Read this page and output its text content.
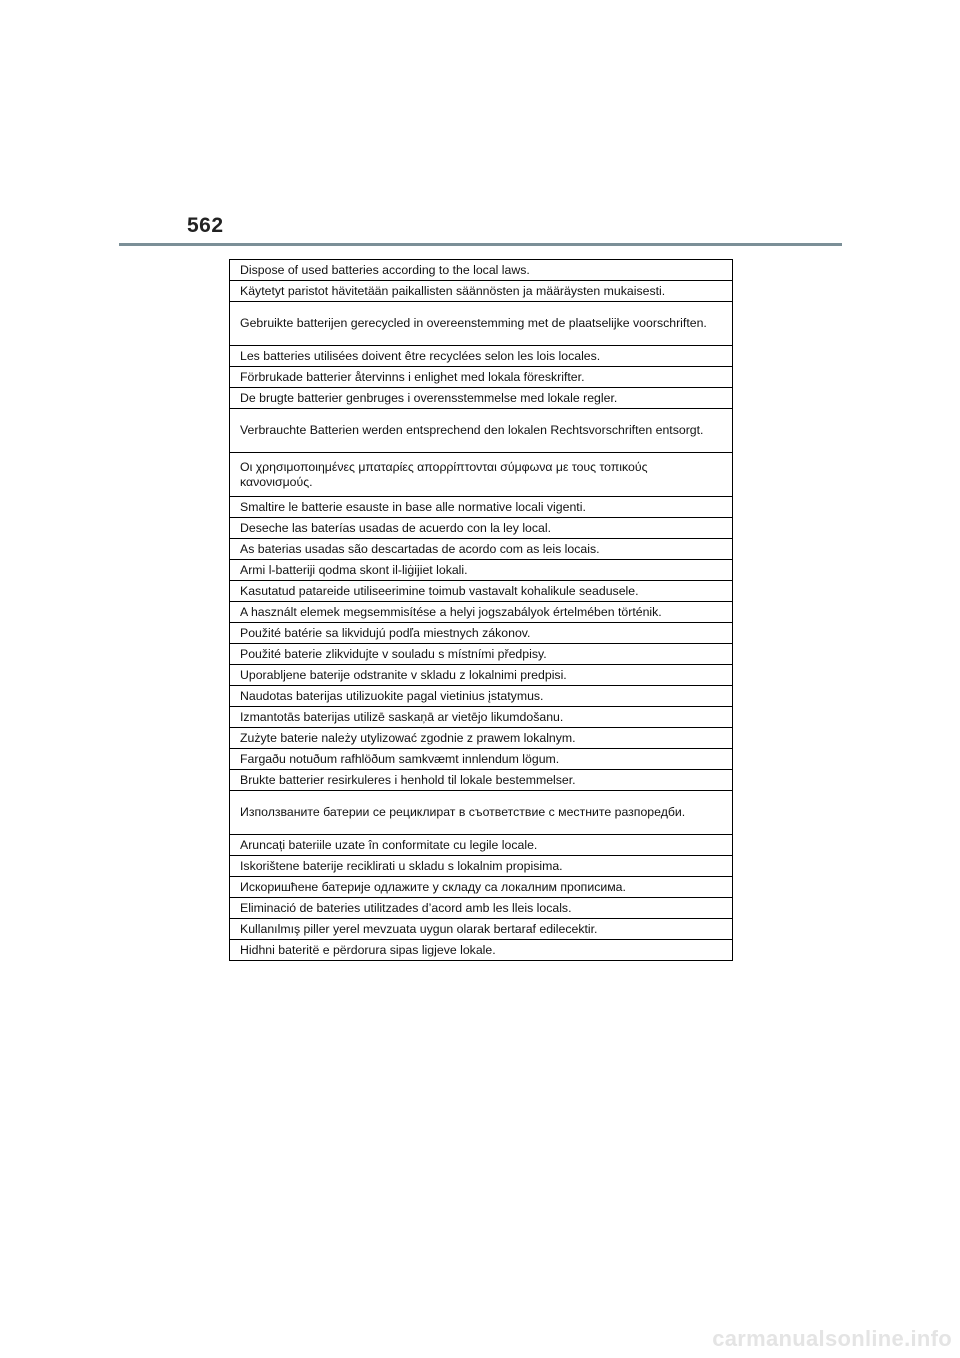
562
Dispose of used batteries according to the local laws.
Käytetyt paristot hävitetään paikallisten säännösten ja määräysten mukaisesti.
Gebruikte batterijen gerecycled in overeenstemming met de plaatselijke voorschriften.
Les batteries utilisées doivent être recyclées selon les lois locales.
Förbrukade batterier återvinns i enlighet med lokala föreskrifter.
De brugte batterier genbruges i overensstemmelse med lokale regler.
Verbrauchte Batterien werden entsprechend den lokalen Rechtsvorschriften entsorgt.
Οι χρησιμοποιημένες μπαταρίες απορρίπτονται σύμφωνα με τους τοπικούς κανονισμούς.
Smaltire le batterie esauste in base alle normative locali vigenti.
Deseche las baterías usadas de acuerdo con la ley local.
As baterias usadas são descartadas de acordo com as leis locais.
Armi l-batteriji qodma skont il-liġijiet lokali.
Kasutatud patareide utiliseerimine toimub vastavalt kohalikule seadusele.
A használt elemek megsemmisítése a helyi jogszabályok értelmében történik.
Použité batérie sa likvidujú podľa miestnych zákonov.
Použité baterie zlikvidujte v souladu s místními předpisy.
Uporabljene baterije odstranite v skladu z lokalnimi predpisi.
Naudotas baterijas utilizuokite pagal vietinius įstatymus.
Izmantotās baterijas utilizē saskaņā ar vietējo likumdošanu.
Zużyte baterie należy utylizować zgodnie z prawem lokalnym.
Fargaðu notuðum rafhlöðum samkvæmt innlendum lögum.
Brukte batterier resirkuleres i henhold til lokale bestemmelser.
Използваните батерии се рециклират в съответствие с местните разпоредби.
Aruncați bateriile uzate în conformitate cu legile locale.
Iskorištene baterije reciklirati u skladu s lokalnim propisima.
Искоришћене батерије одлажите у складу са локалним прописима.
Eliminació de bateries utilitzades d’acord amb les lleis locals.
Kullanılmış piller yerel mevzuata uygun olarak bertaraf edilecektir.
Hidhni bateritë e përdorura sipas ligjeve lokale.
carmanualsonline.info
